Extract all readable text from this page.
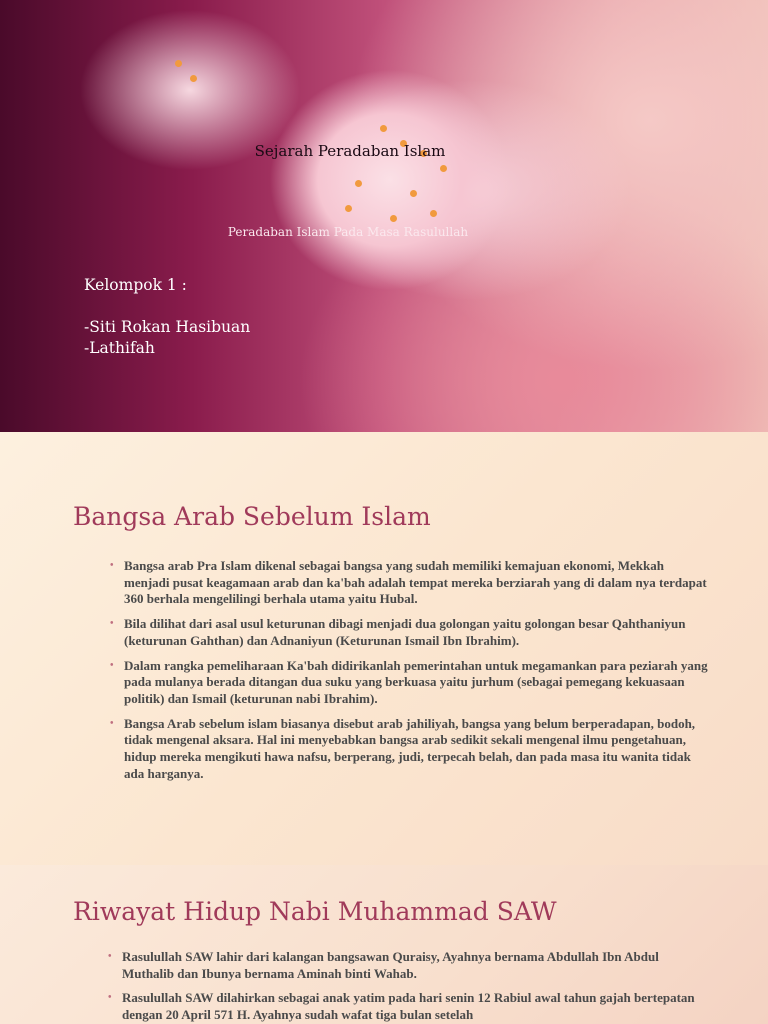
Sejarah Peradaban Islam
Peradaban Islam Pada Masa Rasulullah
Kelompok 1 :
-Siti Rokan Hasibuan
-Lathifah
Bangsa Arab Sebelum Islam
• Bangsa arab Pra Islam dikenal sebagai bangsa yang sudah memiliki kemajuan ekonomi, Mekkah menjadi pusat keagamaan arab dan ka'bah adalah tempat mereka berziarah yang di dalam nya terdapat 360 berhala mengelilingi berhala utama yaitu Hubal.
• Bila dilihat dari asal usul keturunan dibagi menjadi dua golongan yaitu golongan besar Qahthaniyun (keturunan Gahthan) dan Adnaniyun (Keturunan Ismail Ibn Ibrahim).
• Dalam rangka pemeliharaan Ka'bah didirikanlah pemerintahan untuk megamankan para peziarah yang pada mulanya berada ditangan dua suku yang berkuasa yaitu jurhum (sebagai pemegang kekuasaan politik) dan Ismail (keturunan nabi Ibrahim).
• Bangsa Arab sebelum islam biasanya disebut arab jahiliyah, bangsa yang belum berperadapan, bodoh, tidak mengenal aksara. Hal ini menyebabkan bangsa arab sedikit sekali mengenal ilmu pengetahuan, hidup mereka mengikuti hawa nafsu, berperang, judi, terpecah belah, dan pada masa itu wanita tidak ada harganya.
Riwayat Hidup Nabi Muhammad SAW
• Rasulullah SAW lahir dari kalangan bangsawan Quraisy, Ayahnya bernama Abdullah Ibn Abdul Muthalib dan Ibunya bernama Aminah binti Wahab.
• Rasulullah SAW dilahirkan sebagai anak yatim pada hari senin 12 Rabiul awal tahun gajah bertepatan dengan 20 April 571 H. Ayahnya sudah wafat tiga bulan setelah
